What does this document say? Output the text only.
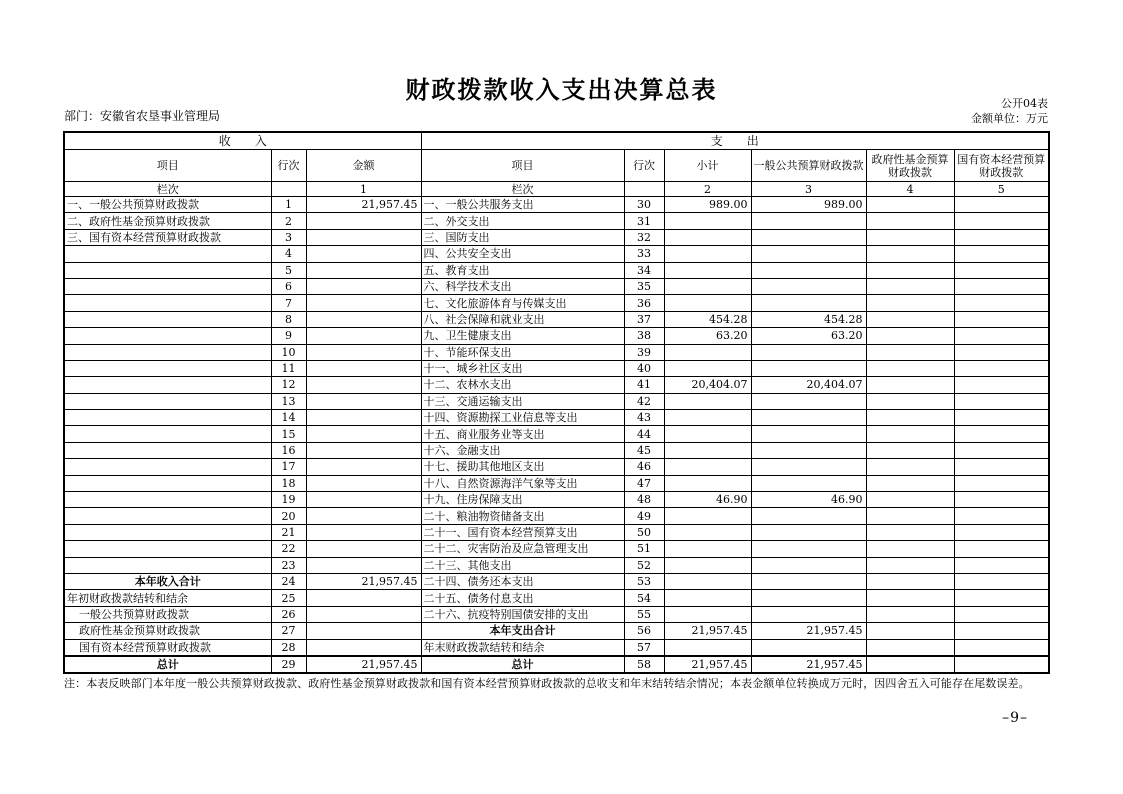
财政拨款收入支出决算总表	公开04表
部门：安徽省农垦事业管理局	金额单位：万元
收　　入			支　　出					
项目	行次	金额	项目	行次	小计	一般公共预算财政拨款	政府性基金预算财政拨款	国有资本经营预算财政拨款
栏次		1	栏次		2	3	4	5
一、一般公共预算财政拨款	1	21,957.45	一、一般公共服务支出	30	989.00	989.00		
二、政府性基金预算财政拨款	2		二、外交支出	31				
三、国有资本经营预算财政拨款	3		三、国防支出	32				
	4		四、公共安全支出	33				
	5		五、教育支出	34				
	6		六、科学技术支出	35				
	7		七、文化旅游体育与传媒支出	36				
	8		八、社会保障和就业支出	37	454.28	454.28		
	9		九、卫生健康支出	38	63.20	63.20		
	10		十、节能环保支出	39				
	11		十一、城乡社区支出	40				
	12		十二、农林水支出	41	20,404.07	20,404.07		
	13		十三、交通运输支出	42				
	14		十四、资源勘探工业信息等支出	43				
	15		十五、商业服务业等支出	44				
	16		十六、金融支出	45				
	17		十七、援助其他地区支出	46				
	18		十八、自然资源海洋气象等支出	47				
	19		十九、住房保障支出	48	46.90	46.90		
	20		二十、粮油物资储备支出	49				
	21		二十一、国有资本经营预算支出	50				
	22		二十二、灾害防治及应急管理支出	51				
	23		二十三、其他支出	52				
本年收入合计	24	21,957.45	二十四、债务还本支出	53				
年初财政拨款结转和结余	25		二十五、债务付息支出	54				
一般公共预算财政拨款	26		二十六、抗疫特别国债安排的支出	55				
政府性基金预算财政拨款	27		本年支出合计	56	21,957.45	21,957.45		
国有资本经营预算财政拨款	28		年末财政拨款结转和结余	57				
总计	29	21,957.45	总计	58	21,957.45	21,957.45		
注：本表反映部门本年度一般公共预算财政拨款、政府性基金预算财政拨款和国有资本经营预算财政拨款的总收支和年末结转结余情况；本表金额单位转换成万元时，因四舍五入可能存在尾数误差。
–9–
